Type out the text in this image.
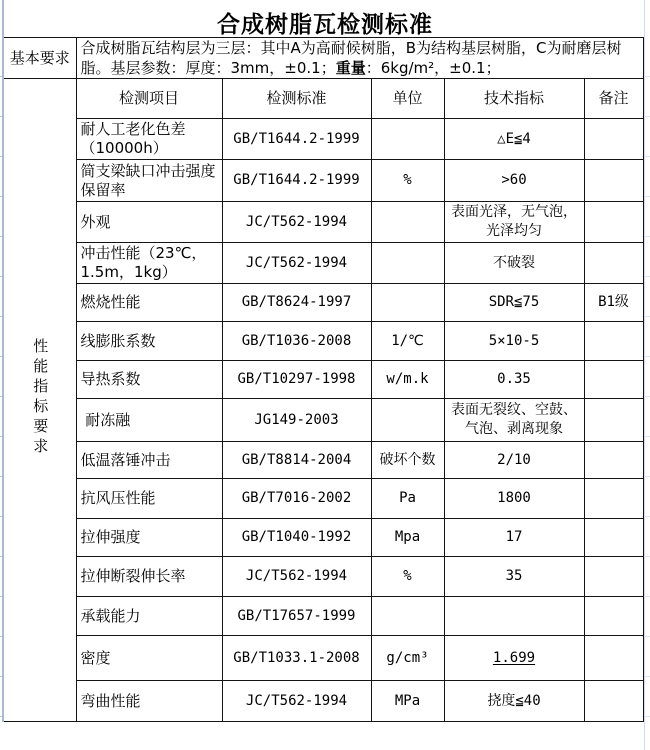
合成树脂瓦检测标准
基本要求	合成树脂瓦结构层为三层：其中A为高耐候树脂，B为结构基层树脂，C为耐磨层树脂。基层参数：厚度：3mm，±0.1；重量：6kg/m²，±0.1；				
性能指标要求	检测项目	检测标准	单位	技术指标	备注
	耐人工老化色差（10000h）	GB/T1644.2-1999		△E≦4	
	简支梁缺口冲击强度保留率	GB/T1644.2-1999	%	>60	
	外观	JC/T562-1994		表面光泽，无气泡，光泽均匀	
	冲击性能（23℃，1.5m，1kg）	JC/T562-1994		不破裂	
	燃烧性能	GB/T8624-1997		SDR≦75	B1级
	线膨胀系数	GB/T1036-2008	1/℃	5×10-5	
	导热系数	GB/T10297-1998	w/m.k	0.35	
	耐冻融	JG149-2003		表面无裂纹、空鼓、气泡、剥离现象	
	低温落锤冲击	GB/T8814-2004	破坏个数	2/10	
	抗风压性能	GB/T7016-2002	Pa	1800	
	拉伸强度	GB/T1040-1992	Mpa	17	
	拉伸断裂伸长率	JC/T562-1994	%	35	
	承载能力	GB/T17657-1999			
	密度	GB/T1033.1-2008	g/cm³	1.699	
	弯曲性能	JC/T562-1994	MPa	挠度≦40	
